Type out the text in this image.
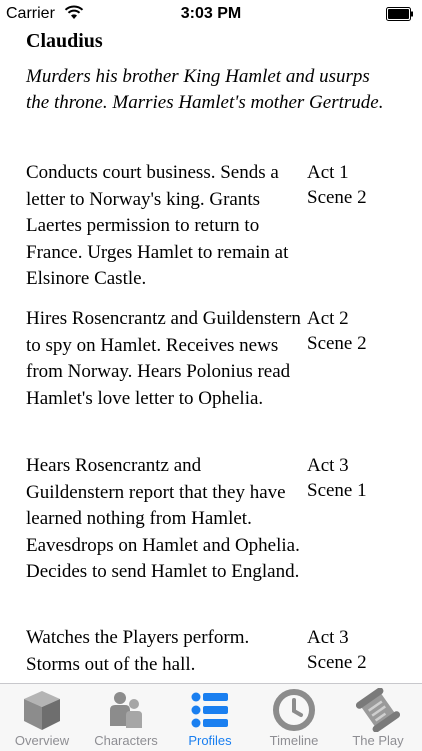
Carrier	3:03 PM
Claudius
Murders his brother King Hamlet and usurps the throne. Marries Hamlet's mother Gertrude.
Conducts court business. Sends a letter to Norway's king. Grants Laertes permission to return to France. Urges Hamlet to remain at Elsinore Castle.
Act 1
Scene 2
Hires Rosencrantz and Guildenstern to spy on Hamlet. Receives news from Norway. Hears Polonius read Hamlet's love letter to Ophelia.
Act 2
Scene 2
Hears Rosencrantz and Guildenstern report that they have learned nothing from Hamlet. Eavesdrops on Hamlet and Ophelia. Decides to send Hamlet to England.
Act 3
Scene 1
Watches the Players perform. Storms out of the hall.
Act 3
Scene 2
Overview	Characters	Profiles	Timeline	The Play
